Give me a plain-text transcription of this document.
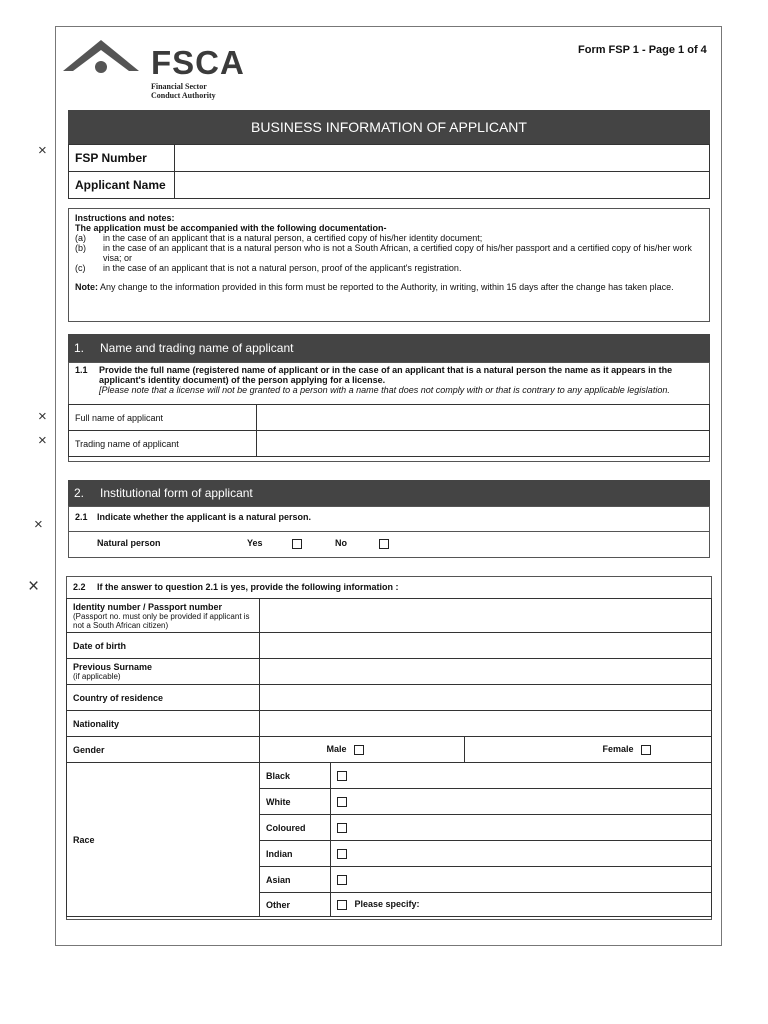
FSCA
Financial Sector
Conduct Authority
Form FSP 1 - Page 1 of 4
×
×
×
×
×
BUSINESS INFORMATION OF APPLICANT
FSP Number	
Applicant Name	
Instructions and notes:
The application must be accompanied with the following documentation-
(a)	in the case of an applicant that is a natural person, a certified copy of his/her identity document;
(b)	in the case of an applicant that is a natural person who is not a South African, a certified copy of his/her passport and a certified copy of his/her work visa; or
(c)	in the case of an applicant that is not a natural person, proof of the applicant's registration.
Note: Any change to the information provided in this form must be reported to the Authority, in writing, within 15 days after the change has taken place.
1.	Name and trading name of applicant
1.1 Provide the full name (registered name of applicant or in the case of an applicant that is a natural person the name as it appears in the applicant's identity document) of the person applying for a license.
[Please note that a license will not be granted to a person with a name that does not comply with or that is contrary to any applicable legislation.
Full name of applicant	
Trading name of applicant	
2.	Institutional form of applicant
2.1 Indicate whether the applicant is a natural person.
Natural person	Yes	No
2.2 If the answer to question 2.1 is yes, provide the following information :
Identity number / Passport number
(Passport no. must only be provided if applicant is not a South African citizen)			

Date of birth			

Previous Surname
(if applicable)			

Country of residence			
Nationality			
Gender	Male		Female
Race	Black		
	White		
	Coloured		
	Indian		
	Asian		
	Other	Please specify:	
